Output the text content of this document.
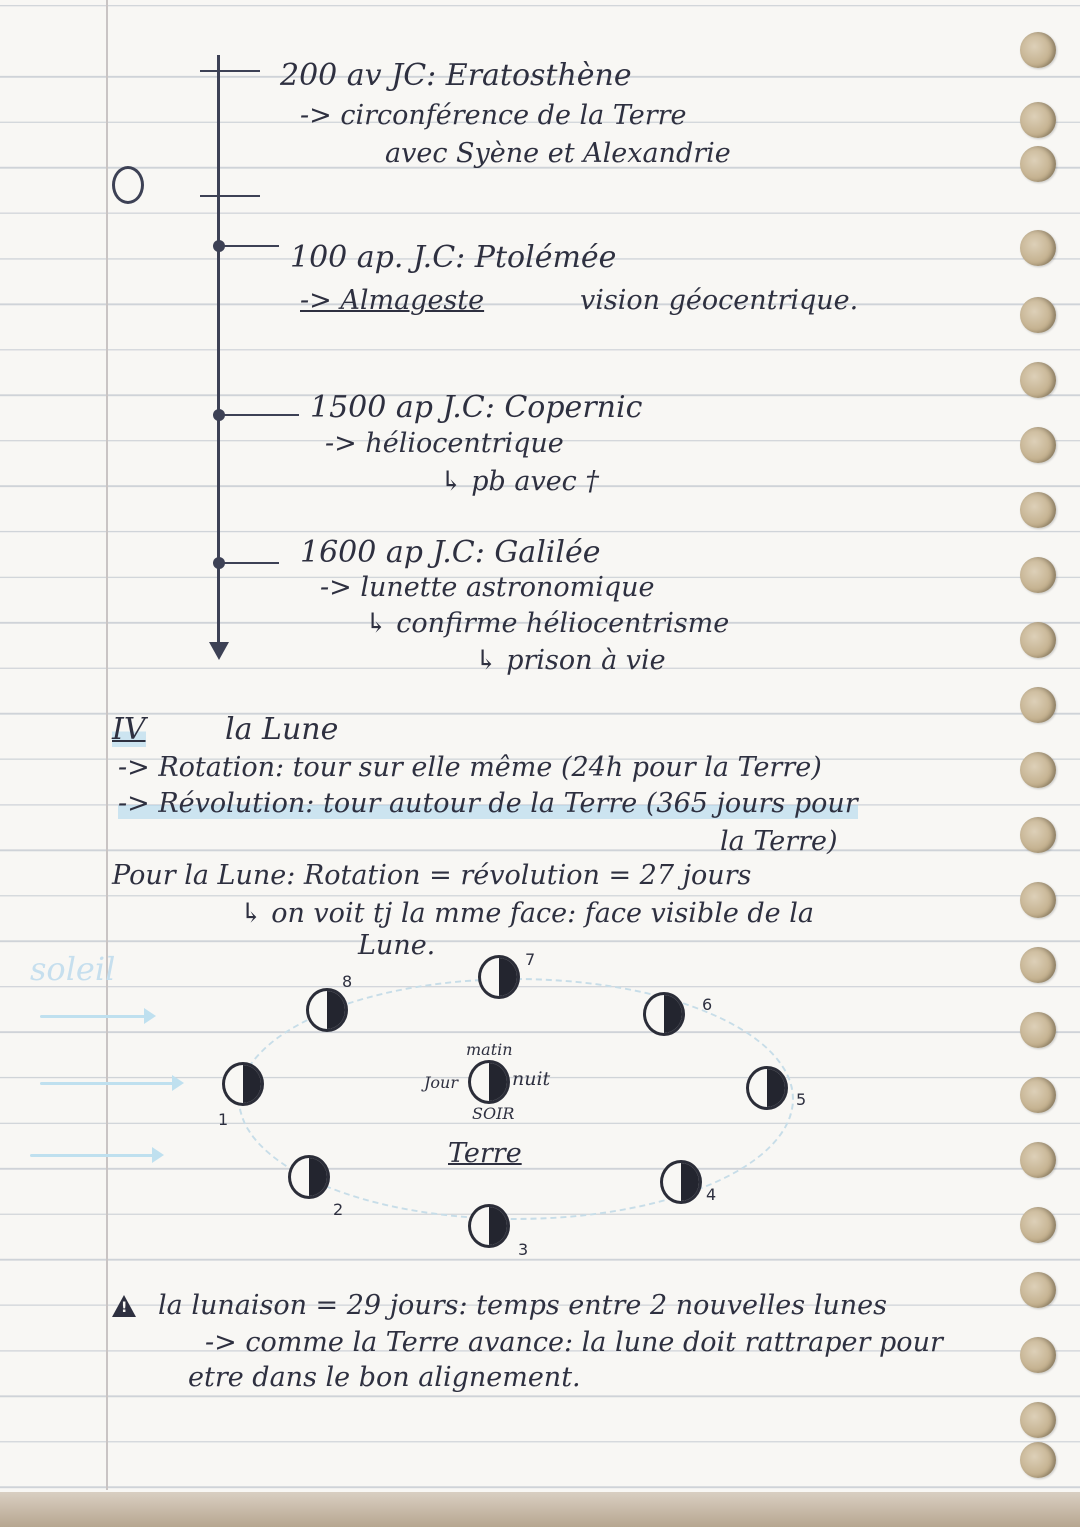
200 av JC: Eratosthène
-> circonférence de la Terre
avec Syène et Alexandrie
100 ap. J.C: Ptolémée
-> Almageste	vision géocentrique.
1500 ap J.C: Copernic
-> héliocentrique
↳ pb avec †
1600 ap J.C: Galilée
-> lunette astronomique
↳ confirme héliocentrisme
↳ prison à vie
IV	la Lune
-> Rotation: tour sur elle même (24h pour la Terre)
-> Révolution: tour autour de la Terre (365 jours pour
la Terre)
Pour la Lune: Rotation = révolution = 27 jours
↳ on voit tj la mme face: face visible de la
Lune.
soleil	8
7
6
1
matin
Jour	nuit
SOIR
Terre
5
2
4
3
!
la lunaison = 29 jours: temps entre 2 nouvelles lunes
-> comme la Terre avance: la lune doit rattraper pour
etre dans le bon alignement.
